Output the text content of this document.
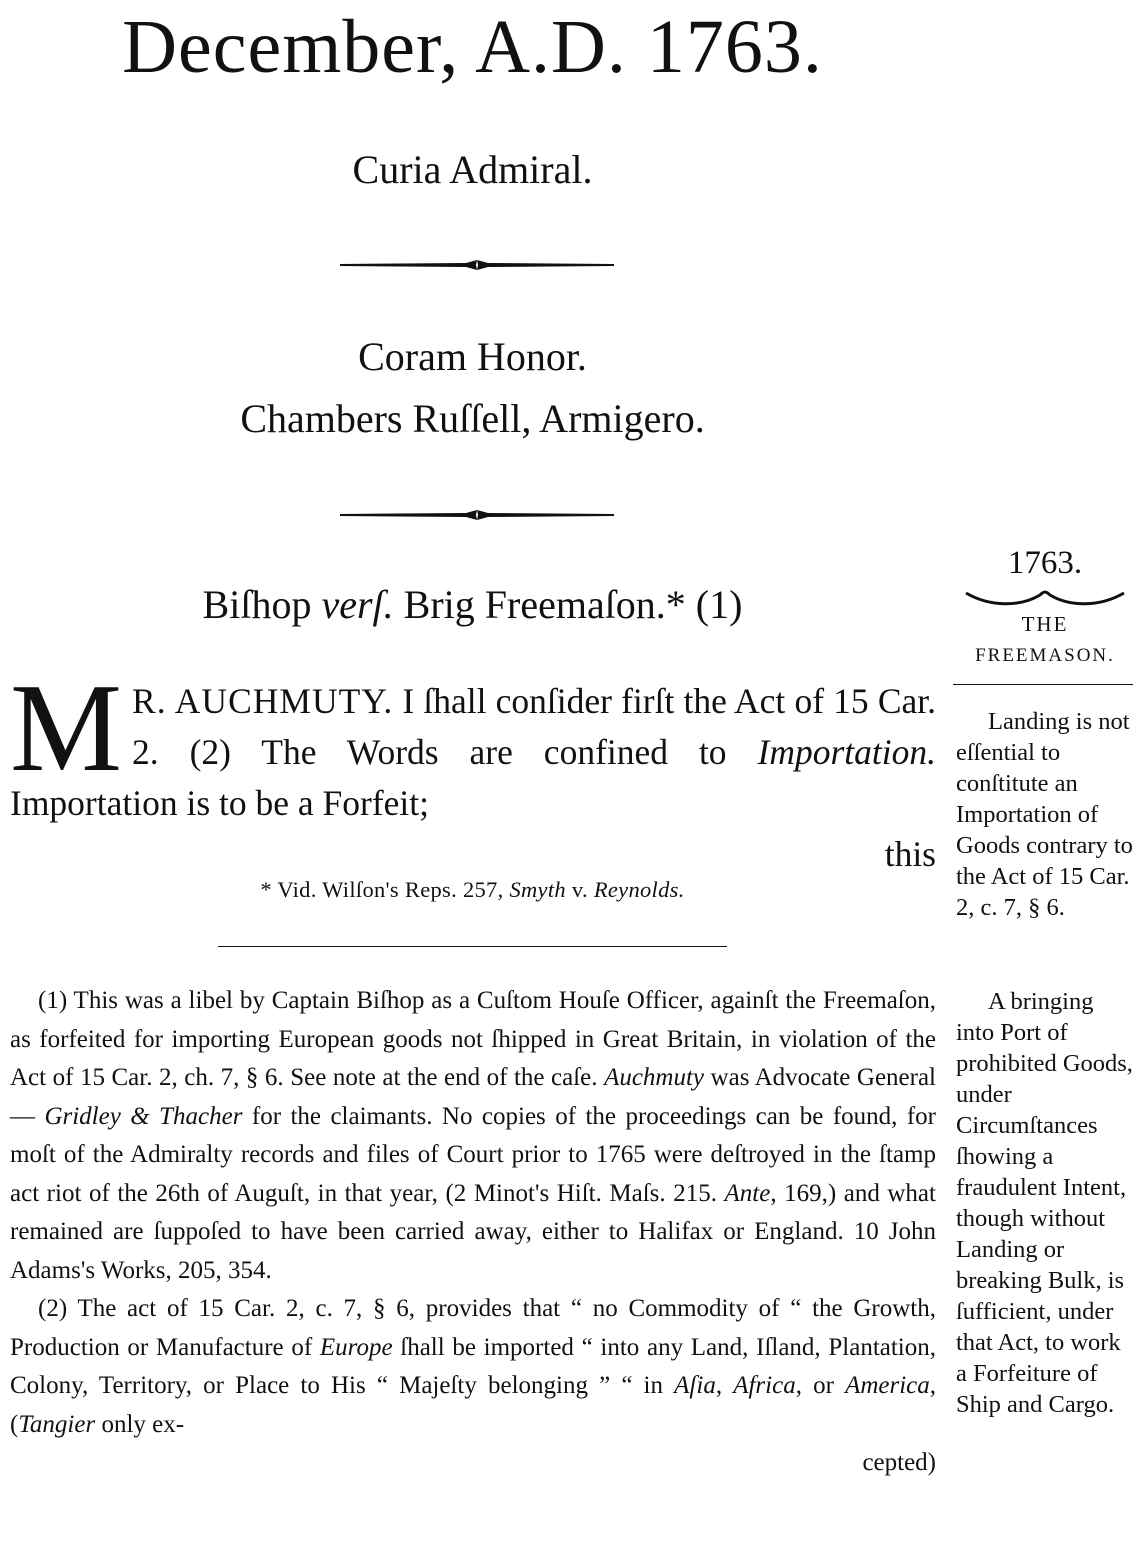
December, A.D. 1763.
Curia Admiral.
Coram Honor.
Chambers Ruſſell, Armigero.
Biſhop verſ. Brig Freemaſon.* (1)
M R. AUCHMUTY. I ſhall conſider firſt the Act of 15 Car. 2. (2) The Words are confined to Importation. Importation is to be a Forfeit;
this
* Vid. Wilſon's Reps. 257, Smyth v. Reynolds.

(1) This was a libel by Captain Biſhop as a Cuſtom Houſe Officer, againſt the Freemaſon, as forfeited for importing European goods not ſhipped in Great Britain, in violation of the Act of 15 Car. 2, ch. 7, § 6. See note at the end of the caſe. Auchmuty was Advocate General — Gridley & Thacher for the claimants. No copies of the proceedings can be found, for moſt of the Admiralty records and files of Court prior to 1765 were deſtroyed in the ſtamp act riot of the 26th of Auguſt, in that year, (2 Minot's Hiſt. Maſs. 215. Ante, 169,) and what remained are ſuppoſed to have been carried away, either to Halifax or England. 10 John Adams's Works, 205, 354.

(2) The act of 15 Car. 2, c. 7, § 6, provides that “ no Commodity of “ the Growth, Production or Manufacture of Europe ſhall be imported “ into any Land, Iſland, Plantation, Colony, Territory, or Place to His “ Majeſty belonging ” “ in Aſia, Africa, or America, (Tangier only ex-

cepted)

1763.
THE
FREEMASON.
Landing is not eſſential to conſtitute an Importation of Goods contrary to the Act of 15 Car. 2, c. 7, § 6.
A bringing into Port of prohibited Goods, under Circumſtances ſhowing a fraudulent Intent, though without Landing or breaking Bulk, is ſufficient, under that Act, to work a Forfeiture of Ship and Cargo.
